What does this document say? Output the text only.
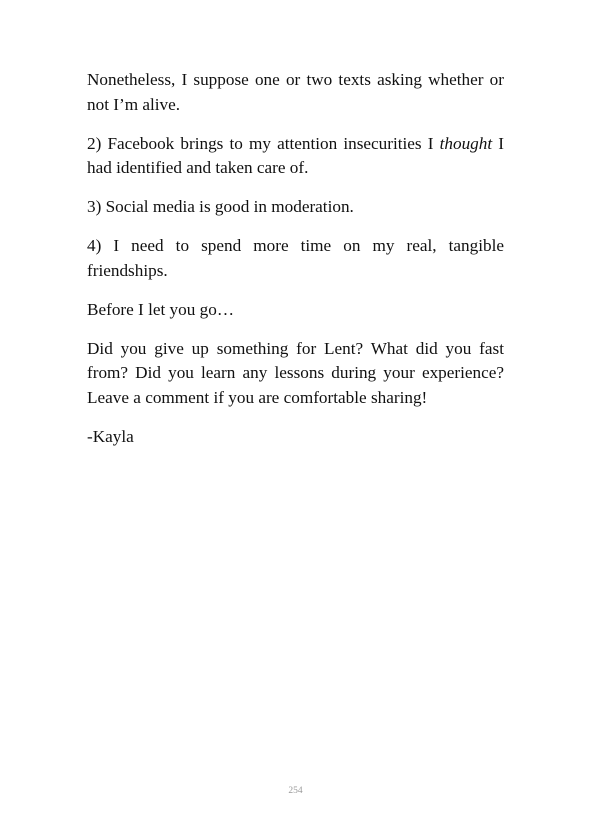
Nonetheless, I suppose one or two texts asking whether or not I’m alive.

2) Facebook brings to my attention insecurities I thought I had identified and taken care of.

3) Social media is good in moderation.

4) I need to spend more time on my real, tangible friendships.

Before I let you go…

Did you give up something for Lent? What did you fast from? Did you learn any lessons during your experience? Leave a comment if you are comfortable sharing!

-Kayla

254
